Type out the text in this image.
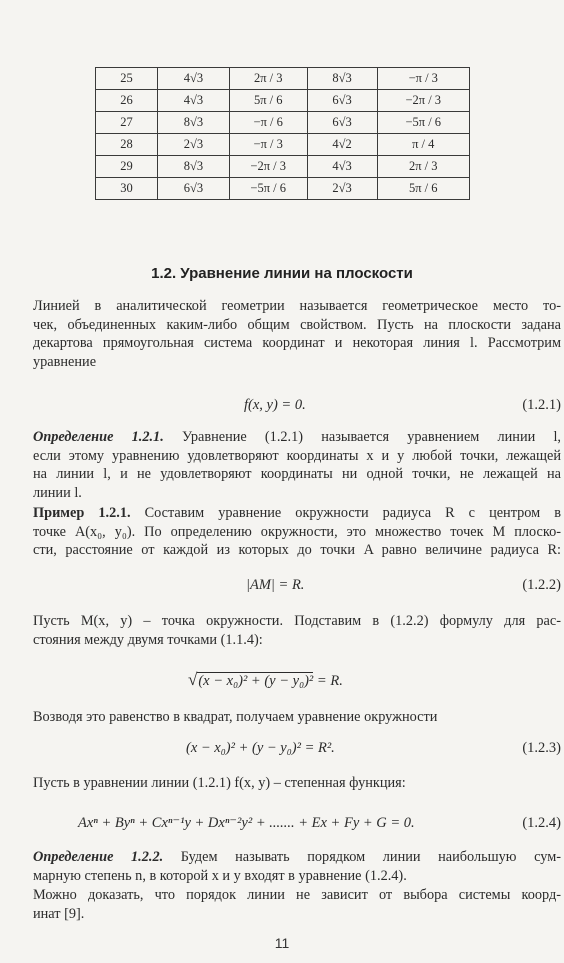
25	4√3	2π / 3	8√3	−π / 3
26	4√3	5π / 6	6√3	−2π / 3
27	8√3	−π / 6	6√3	−5π / 6
28	2√3	−π / 3	4√2	π / 4
29	8√3	−2π / 3	4√3	2π / 3
30	6√3	−5π / 6	2√3	5π / 6
1.2. Уравнение линии на плоскости
Линией в аналитической геометрии называется геометрическое место то-
чек, объединенных каким-либо общим свойством. Пусть на плоскости задана
декартова прямоугольная система координат и некоторая линия l. Рассмотрим
уравнение
f(x, y) = 0.	(1.2.1)
Определение 1.2.1. Уравнение (1.2.1) называется уравнением линии l,
если этому уравнению удовлетворяют координаты x и y любой точки, лежащей
на линии l, и не удовлетворяют координаты ни одной точки, не лежащей на
линии l.
Пример 1.2.1. Составим уравнение окружности радиуса R с центром в
точке A(x₀, y₀). По определению окружности, это множество точек M плоско-
сти, расстояние от каждой из которых до точки A равно величине радиуса R:
|AM| = R.	(1.2.2)
Пусть M(x, y) – точка окружности. Подставим в (1.2.2) формулу для рас-
стояния между двумя точками (1.1.4):
√(x − x₀)² + (y − y₀)² = R.
Возводя это равенство в квадрат, получаем уравнение окружности
(x − x₀)² + (y − y₀)² = R².	(1.2.3)
Пусть в уравнении линии (1.2.1) f(x, y) – степенная функция:
Axⁿ + Byⁿ + Cxⁿ⁻¹y + Dxⁿ⁻²y² + ....... + Ex + Fy + G = 0.	(1.2.4)
Определение 1.2.2. Будем называть порядком линии наибольшую сум-
марную степень n, в которой x и y входят в уравнение (1.2.4).
Можно доказать, что порядок линии не зависит от выбора системы коорд-
инат [9].
11
